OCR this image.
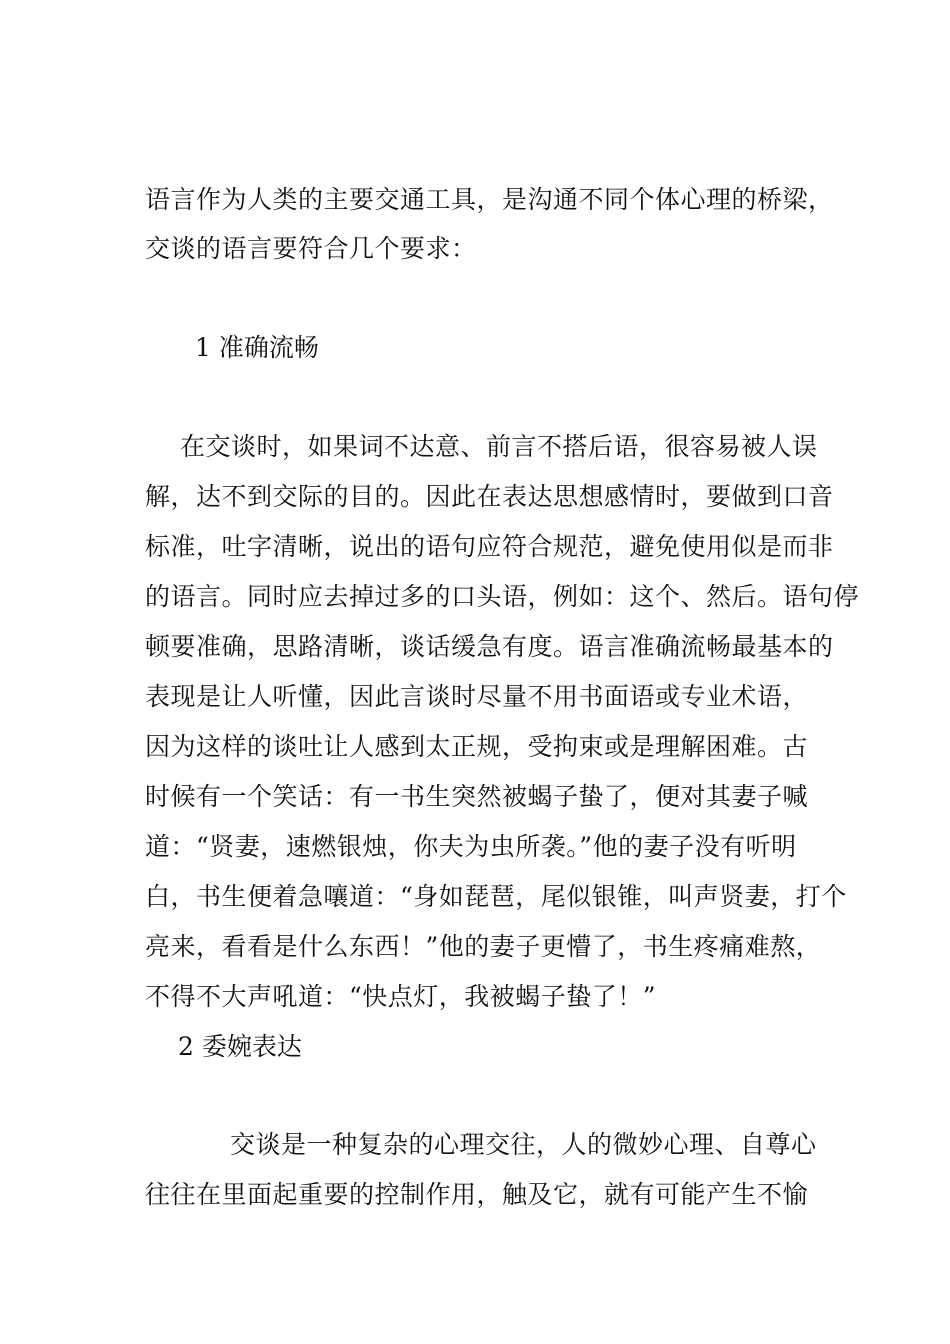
语言作为人类的主要交通工具，是沟通不同个体心理的桥梁，
交谈的语言要符合几个要求：
1 准确流畅
在交谈时，如果词不达意、前言不搭后语，很容易被人误
解，达不到交际的目的。因此在表达思想感情时，要做到口音
标准，吐字清晰，说出的语句应符合规范，避免使用似是而非
的语言。同时应去掉过多的口头语，例如：这个、然后。语句停
顿要准确，思路清晰，谈话缓急有度。语言准确流畅最基本的
表现是让人听懂，因此言谈时尽量不用书面语或专业术语，
因为这样的谈吐让人感到太正规，受拘束或是理解困难。古
时候有一个笑话：有一书生突然被蝎子蛰了，便对其妻子喊
道：“贤妻，速燃银烛，你夫为虫所袭。”他的妻子没有听明
白，书生便着急嚷道：“身如琵琶，尾似银锥，叫声贤妻，打个
亮来，看看是什么东西！”他的妻子更懵了，书生疼痛难熬，
不得不大声吼道：“快点灯，我被蝎子蛰了！”
2 委婉表达
交谈是一种复杂的心理交往，人的微妙心理、自尊心
往往在里面起重要的控制作用，触及它，就有可能产生不愉
